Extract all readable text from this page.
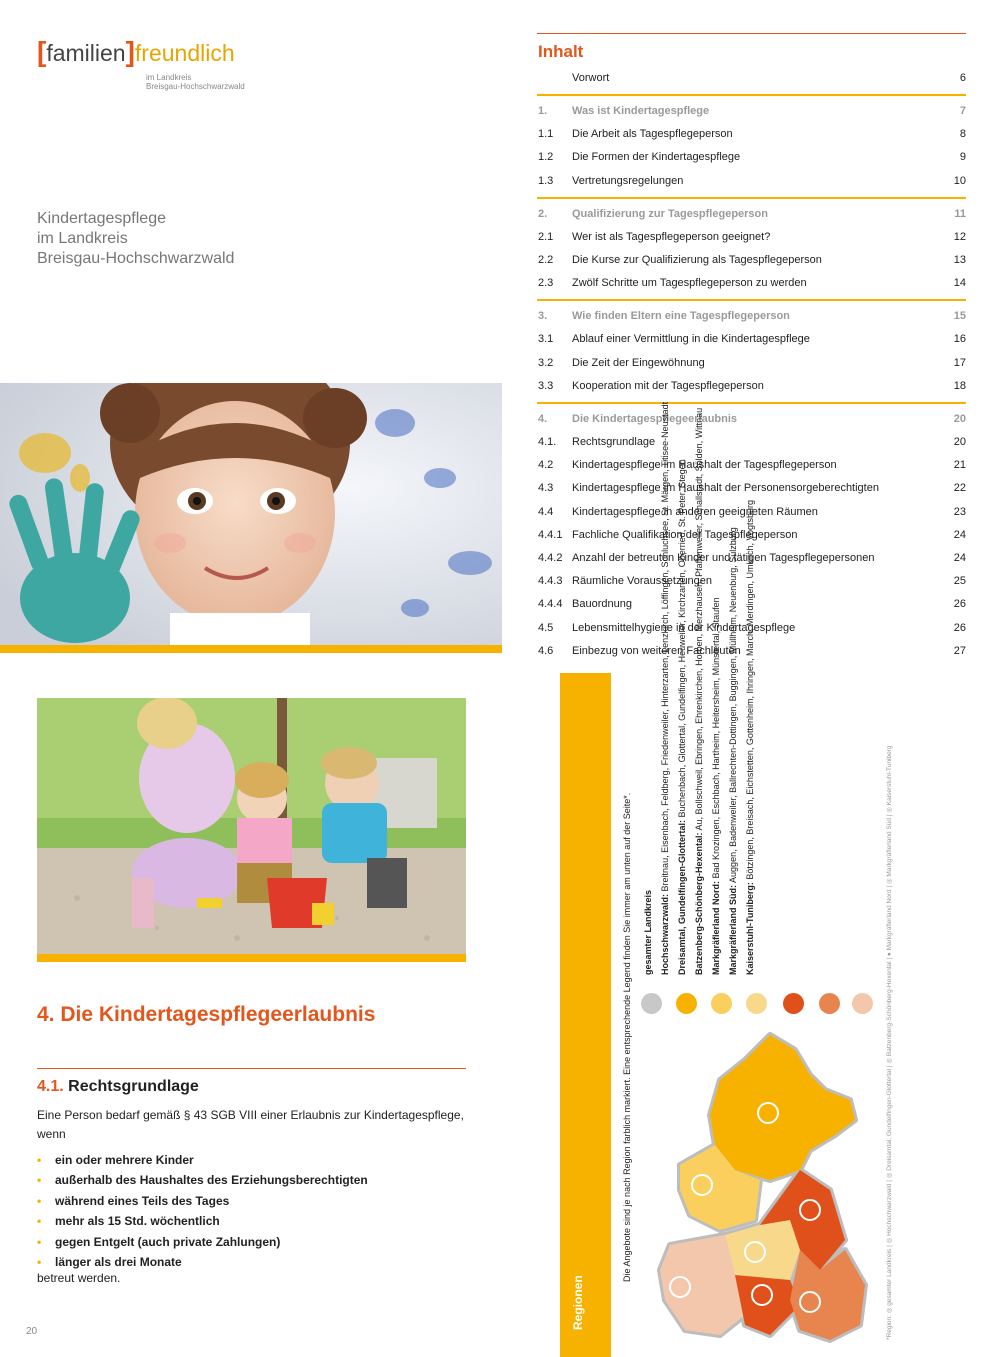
[familien]freundlich
im Landkreis
Breisgau-Hochschwarzwald
Kindertagespflege
im Landkreis
Breisgau-Hochschwarzwald
4. Die Kindertagespflegeerlaubnis
4.1. Rechtsgrundlage
Eine Person bedarf gemäß § 43 SGB VIII einer Erlaubnis zur Kindertagespflege, wenn
• ein oder mehrere Kinder
• außerhalb des Haushaltes des Erziehungsberechtigten
• während eines Teils des Tages
• mehr als 15 Std. wöchentlich
• gegen Entgelt (auch private Zahlungen)
• länger als drei Monate
betreut werden.
20
Inhalt
Vorwort	6
1. Was ist Kindertagespflege	7
1.1 Die Arbeit als Tagespflegeperson	8
1.2 Die Formen der Kindertagespflege	9
1.3 Vertretungsregelungen	10
2. Qualifizierung zur Tagespflegeperson	11
2.1 Wer ist als Tagespflegeperson geeignet?	12
2.2 Die Kurse zur Qualifizierung als Tagespflegeperson	13
2.3 Zwölf Schritte um Tagespflegeperson zu werden	14
3. Wie finden Eltern eine Tagespflegeperson	15
3.1 Ablauf einer Vermittlung in die Kindertagespflege	16
3.2 Die Zeit der Eingewöhnung	17
3.3 Kooperation mit der Tagespflegeperson	18
4. Die Kindertagespflegeerlaubnis	20
4.1. Rechtsgrundlage	20
4.2 Kindertagespflege im Haushalt der Tagespflegeperson	21
4.3 Kindertagespflege im Haushalt der Personensorgeberechtigten	22
4.4 Kindertagespflege in anderen geeigneten Räumen	23
4.4.1 Fachliche Qualifikation der Tagespflegeperson	24
4.4.2 Anzahl der betreuten Kinder und tätigen Tagespflegepersonen	24
4.4.3 Räumliche Voraussetzungen	25
4.4.4 Bauordnung	26
4.5 Lebensmittelhygiene in der Kindertagespflege	26
4.6 Einbezug von weiteren Fachleuten	27
Regionen
Die Angebote sind je nach Region farblich markiert. Eine entsprechende Legend finden Sie immer am unten auf der Seite*. gesamter Landkreis Hochschwarzwald: Breitnau, Eisenbach, Feldberg, Friedenweiler, Hinterzarten, Lenzkirch, Löffingen, Schluchsee, St. Märgen, Titisee-Neustadt

Dreisamtal, Gundelfingen-Glottertal: Buchenbach, Glottertal, Gundelfingen, Heuweiler, Kirchzarten, Oberried, St. Peter, Stegen

Batzenberg-Schönberg-Hexental: Au, Bollschweil, Ebringen, Ehrenkirchen, Horben, Merzhausen, Pfaffenweiler, Schallstadt, Sölden, Wittnau

Markgräflerland Nord: Bad Krozingen, Eschbach, Hartheim, Heitersheim, Münstertal, Staufen

Markgräflerland Süd: Auggen, Badenweiler, Ballrechten-Dottingen, Buggingen, Müllheim, Neuenburg, Sulzburg

Kaiserstuhl-Tuniberg: Bötzingen, Breisach, Eichstetten, Gottenheim, Ihringen, March, Merdingen, Umkirch, Vogtsburg

*Region: ◎ gesamter Landkreis | ◎ Hochschwarzwald | ◎ Dreisamtal, Gundelfingen-Glottertal | ◎ Batzenberg-Schönberg-Hexental | ● Markgräflerland Nord | ◎ Markgräflerland Süd | ◎ Kaiserstuhl-Tuniberg
